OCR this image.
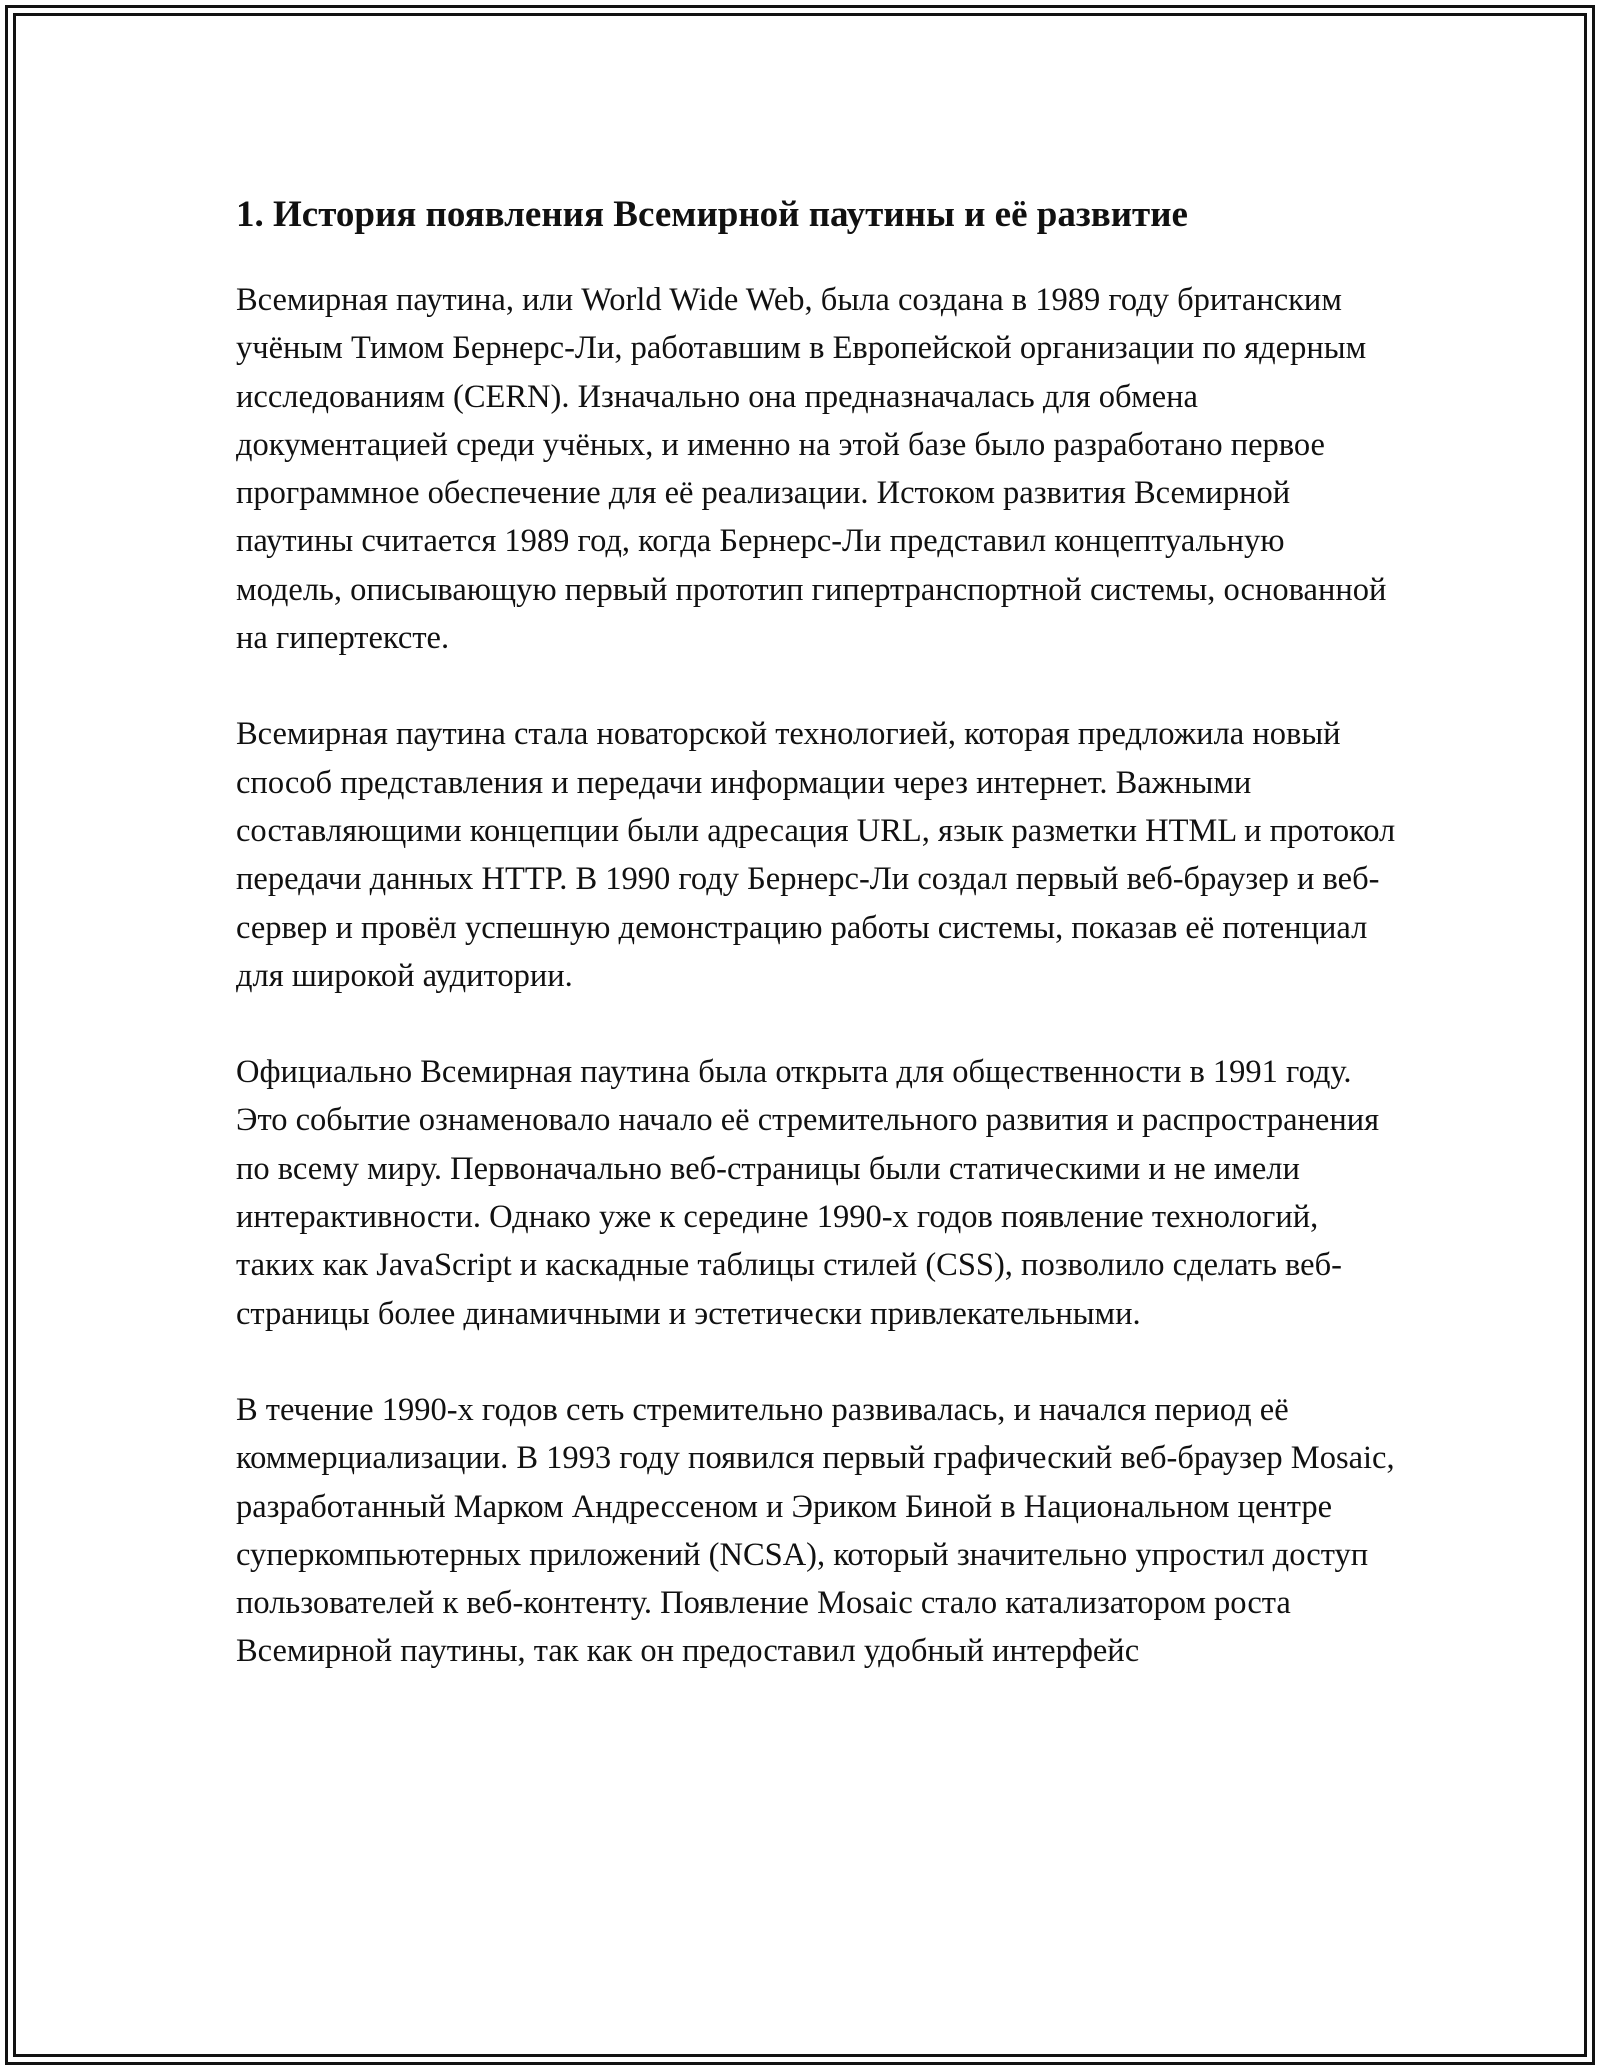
1. История появления Всемирной паутины и её развитие

Всемирная паутина, или World Wide Web, была создана в 1989 году британским учёным Тимом Бернерс-Ли, работавшим в Европейской организации по ядерным исследованиям (CERN). Изначально она предназначалась для обмена документацией среди учёных, и именно на этой базе было разработано первое программное обеспечение для её реализации. Истоком развития Всемирной паутины считается 1989 год, когда Бернерс-Ли представил концептуальную модель, описывающую первый прототип гипертранспортной системы, основанной на гипертексте.

Всемирная паутина стала новаторской технологией, которая предложила новый способ представления и передачи информации через интернет. Важными составляющими концепции были адресация URL, язык разметки HTML и протокол передачи данных HTTP. В 1990 году Бернерс-Ли создал первый веб-браузер и веб-сервер и провёл успешную демонстрацию работы системы, показав её потенциал для широкой аудитории.

Официально Всемирная паутина была открыта для общественности в 1991 году. Это событие ознаменовало начало её стремительного развития и распространения по всему миру. Первоначально веб-страницы были статическими и не имели интерактивности. Однако уже к середине 1990-х годов появление технологий, таких как JavaScript и каскадные таблицы стилей (CSS), позволило сделать веб-страницы более динамичными и эстетически привлекательными.

В течение 1990-х годов сеть стремительно развивалась, и начался период её коммерциализации. В 1993 году появился первый графический веб-браузер Mosaic, разработанный Марком Андрессеном и Эриком Биной в Национальном центре суперкомпьютерных приложений (NCSA), который значительно упростил доступ пользователей к веб-контенту. Появление Mosaic стало катализатором роста Всемирной паутины, так как он предоставил удобный интерфейс
